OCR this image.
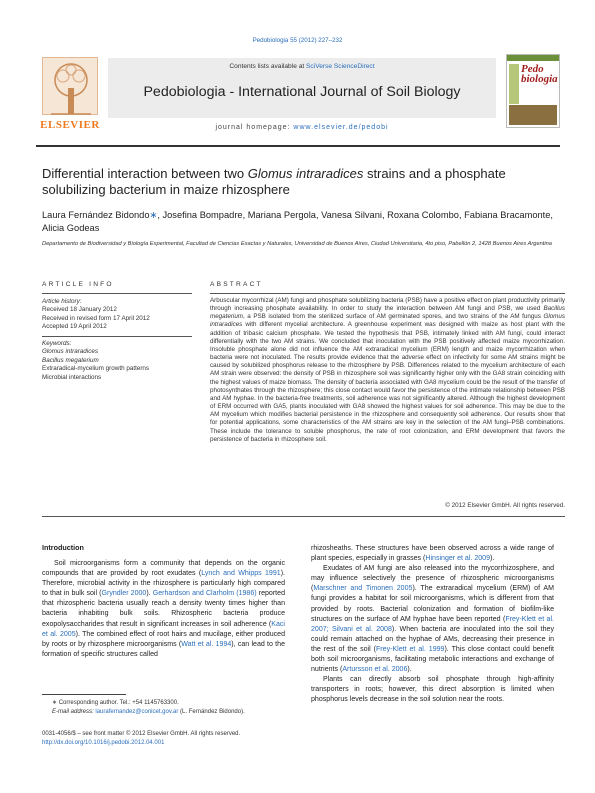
Pedobiologia 55 (2012) 227–232
ELSEVIER
Contents lists available at SciVerse ScienceDirect
Pedobiologia - International Journal of Soil Biology
journal homepage: www.elsevier.de/pedobi
Pedo
biologia
Differential interaction between two Glomus intraradices strains and a phosphate solubilizing bacterium in maize rhizosphere
Laura Fernández Bidondo∗, Josefina Bompadre, Mariana Pergola, Vanesa Silvani, Roxana Colombo, Fabiana Bracamonte, Alicia Godeas
Departamento de Biodiversidad y Biología Experimental, Facultad de Ciencias Exactas y Naturales, Universidad de Buenos Aires, Ciudad Universitaria, 4to piso, Pabellón 2, 1428 Buenos Aires Argentina
ARTICLE INFO	ABSTRACT
Article history:
Received 18 January 2012
Received in revised form 17 April 2012
Accepted 19 April 2012
Keywords:
Glomus intraradices
Bacillus megaterium
Extraradical-mycelium growth patterns
Microbial interactions
Arbuscular mycorrhizal (AM) fungi and phosphate solubilizing bacteria (PSB) have a positive effect on plant productivity primarily through increasing phosphate availability. In order to study the interaction between AM fungi and PSB, we used Bacillus megaterium, a PSB isolated from the sterilized surface of AM germinated spores, and two strains of the AM fungus Glomus intraradices with different mycelial architecture. A greenhouse experiment was designed with maize as host plant with the addition of tribasic calcium phosphate. We tested the hypothesis that PSB, intimately linked with AM fungi, could interact differentially with the two AM strains. We concluded that inoculation with the PSB positively affected maize mycorrhization. Insoluble phosphate alone did not influence the AM extraradical mycelium (ERM) length and maize mycorrhization when bacteria were not inoculated. The results provide evidence that the adverse effect on infectivity for some AM strains might be caused by solubilized phosphorus release to the rhizosphere by PSB. Differences related to the mycelium architecture of each AM strain were observed: the density of PSB in rhizosphere soil was significantly higher only with the GA8 strain coinciding with the highest values of maize biomass. The density of bacteria associated with GA8 mycelium could be the result of the transfer of photosynthates through the rhizosphere; this close contact would favor the persistence of the intimate relationship between PSB and AM hyphae. In the bacteria-free treatments, soil adherence was not significantly altered. Although the highest development of ERM occurred with GA5, plants inoculated with GA8 showed the highest values for soil adherence. This may be due to the AM mycelium which modifies bacterial persistence in the rhizosphere and consequently soil adherence. Our results show that for potential applications, some characteristics of the AM strains are key in the selection of the AM fungi–PSB combinations. These include the tolerance to soluble phosphorus, the rate of root colonization, and ERM development that favors the persistence of bacteria in rhizosphere soil.
© 2012 Elsevier GmbH. All rights reserved.
Introduction

Soil microorganisms form a community that depends on the organic compounds that are provided by root exudates (Lynch and Whipps 1991). Therefore, microbial activity in the rhizosphere is particularly high compared to that in bulk soil (Gryndler 2000). Gerhardson and Clarholm (1986) reported that rhizospheric bacteria usually reach a density twenty times higher than bacteria inhabiting bulk soils. Rhizospheric bacteria produce exopolysaccharides that result in significant increases in soil adherence (Kaci et al. 2005). The combined effect of root hairs and mucilage, either produced by roots or by rhizosphere microorganisms (Watt et al. 1994), can lead to the formation of specific structures called

rhizosheaths. These structures have been observed across a wide range of plant species, especially in grasses (Hinsinger et al. 2009).

Exudates of AM fungi are also released into the mycorrhizosphere, and may influence selectively the presence of rhizospheric microorganisms (Marschner and Timonen 2005). The extraradical mycelium (ERM) of AM fungi provides a habitat for soil microorganisms, which is different from that provided by roots. Bacterial colonization and formation of biofilm-like structures on the surface of AM hyphae have been reported (Frey-Klett et al. 2007; Silvani et al. 2008). When bacteria are inoculated into the soil they could remain attached on the hyphae of AMs, decreasing their presence in the rest of the soil (Frey-Klett et al. 1999). This close contact could benefit both soil microorganisms, facilitating metabolic interactions and exchange of nutrients (Artursson et al. 2006).

Plants can directly absorb soil phosphate through high-affinity transporters in roots; however, this direct absorption is limited when phosphorus levels decrease in the soil solution near the roots.

∗ Corresponding author. Tel.: +54 1145763300.
E-mail address: laurafernandez@conicet.gov.ar (L. Fernández Bidondo).
0031-4056/$ – see front matter © 2012 Elsevier GmbH. All rights reserved.
http://dx.doi.org/10.1016/j.pedobi.2012.04.001
